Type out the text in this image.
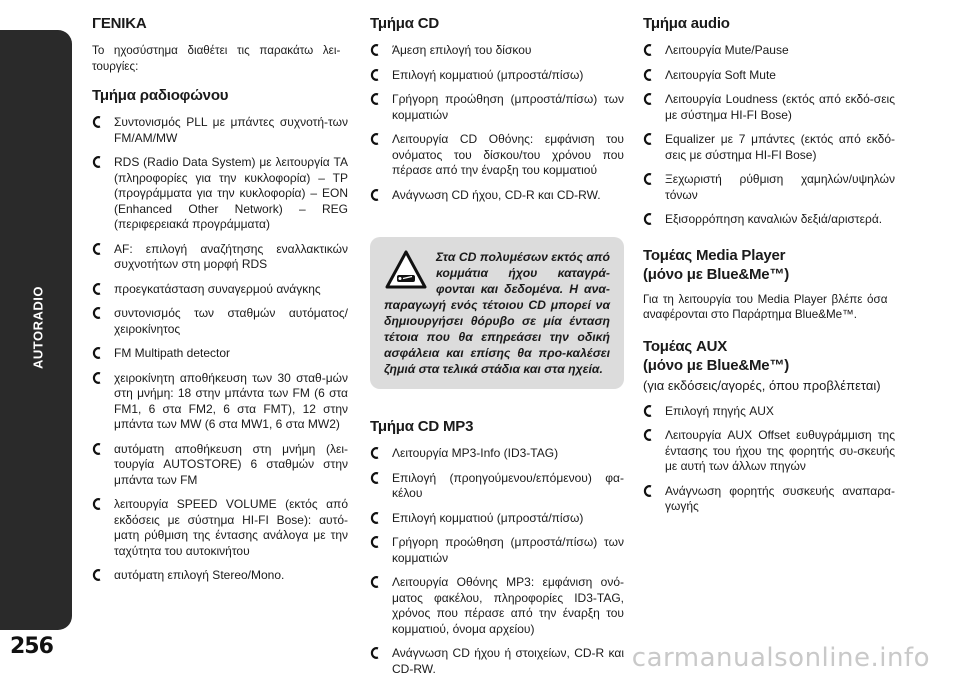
AUTORADIO
256
ΓΕΝΙΚΑ

Το ηχοσύστημα διαθέτει τις παρακάτω λει-τουργίες:

Τμήμα ραδιοφώνου
Συντονισμός PLL με μπάντες συχνοτή-των FM/AM/MW
RDS (Radio Data System) με λειτουργία TA (πληροφορίες για την κυκλοφορία) – TP (προγράμματα για την κυκλοφορία) – EON (Enhanced Other Network) – REG (περιφερειακά προγράμματα)
AF: επιλογή αναζήτησης εναλλακτικών συχνοτήτων στη μορφή RDS
προεγκατάσταση συναγερμού ανάγκης
συντονισμός των σταθμών αυτόματος/ χειροκίνητος
FM Multipath detector
χειροκίνητη αποθήκευση των 30 σταθ-μών στη μνήμη: 18 στην μπάντα των FM (6 στα FM1, 6 στα FM2, 6 στα FMT), 12 στην μπάντα των MW (6 στα MW1, 6 στα MW2)
αυτόματη αποθήκευση στη μνήμη (λει-τουργία AUTOSTORE) 6 σταθμών στην μπάντα των FM
λειτουργία SPEED VOLUME (εκτός από εκδόσεις με σύστημα HI-FI Bose): αυτό-ματη ρύθμιση της έντασης ανάλογα με την ταχύτητα του αυτοκινήτου
αυτόματη επιλογή Stereo/Mono.
Τμήμα CD
Άμεση επιλογή του δίσκου
Επιλογή κομματιού (μπροστά/πίσω)
Γρήγορη προώθηση (μπροστά/πίσω) των κομματιών
Λειτουργία CD Οθόνης: εμφάνιση του ονόματος του δίσκου/του χρόνου που πέρασε από την έναρξη του κομματιού
Ανάγνωση CD ήχου, CD-R και CD-RW.
Στα CD πολυμέσων εκτός από κομμάτια ήχου καταγρά-φονται και δεδομένα. Η ανα-παραγωγή ενός τέτοιου CD μπορεί να δημιουργήσει θόρυβο σε μία ένταση τέτοια που θα επηρεάσει την οδική ασφάλεια και επίσης θα προ-καλέσει ζημιά στα τελικά στάδια και στα ηχεία.
Τμήμα CD MP3
Λειτουργία MP3-Info (ID3-TAG)
Επιλογή (προηγούμενου/επόμενου) φα-κέλου
Επιλογή κομματιού (μπροστά/πίσω)
Γρήγορη προώθηση (μπροστά/πίσω) των κομματιών
Λειτουργία Οθόνης MP3: εμφάνιση ονό-ματος φακέλου, πληροφορίες ID3-TAG, χρόνος που πέρασε από την έναρξη του κομματιού, όνομα αρχείου)
Ανάγνωση CD ήχου ή στοιχείων, CD-R και CD-RW.
Τμήμα audio
Λειτουργία Mute/Pause
Λειτουργία Soft Mute
Λειτουργία Loudness (εκτός από εκδό-σεις με σύστημα HI-FI Bose)
Equalizer με 7 μπάντες (εκτός από εκδό-σεις με σύστημα HI-FI Bose)
Ξεχωριστή ρύθμιση χαμηλών/υψηλών τόνων
Εξισορρόπηση καναλιών δεξιά/αριστερά.
Τομέας Media Player
(μόνο με Blue&Me™)

Για τη λειτουργία του Media Player βλέπε όσα αναφέρονται στο Παράρτημα Blue&Me™.

Τομέας AUX
(μόνο με Blue&Me™)
(για εκδόσεις/αγορές, όπου προβλέπεται)
Επιλογή πηγής AUX
Λειτουργία AUX Offset ευθυγράμμιση της έντασης του ήχου της φορητής συ-σκευής με αυτή των άλλων πηγών
Ανάγνωση φορητής συσκευής αναπαρα-γωγής
carmanualsonline.info
